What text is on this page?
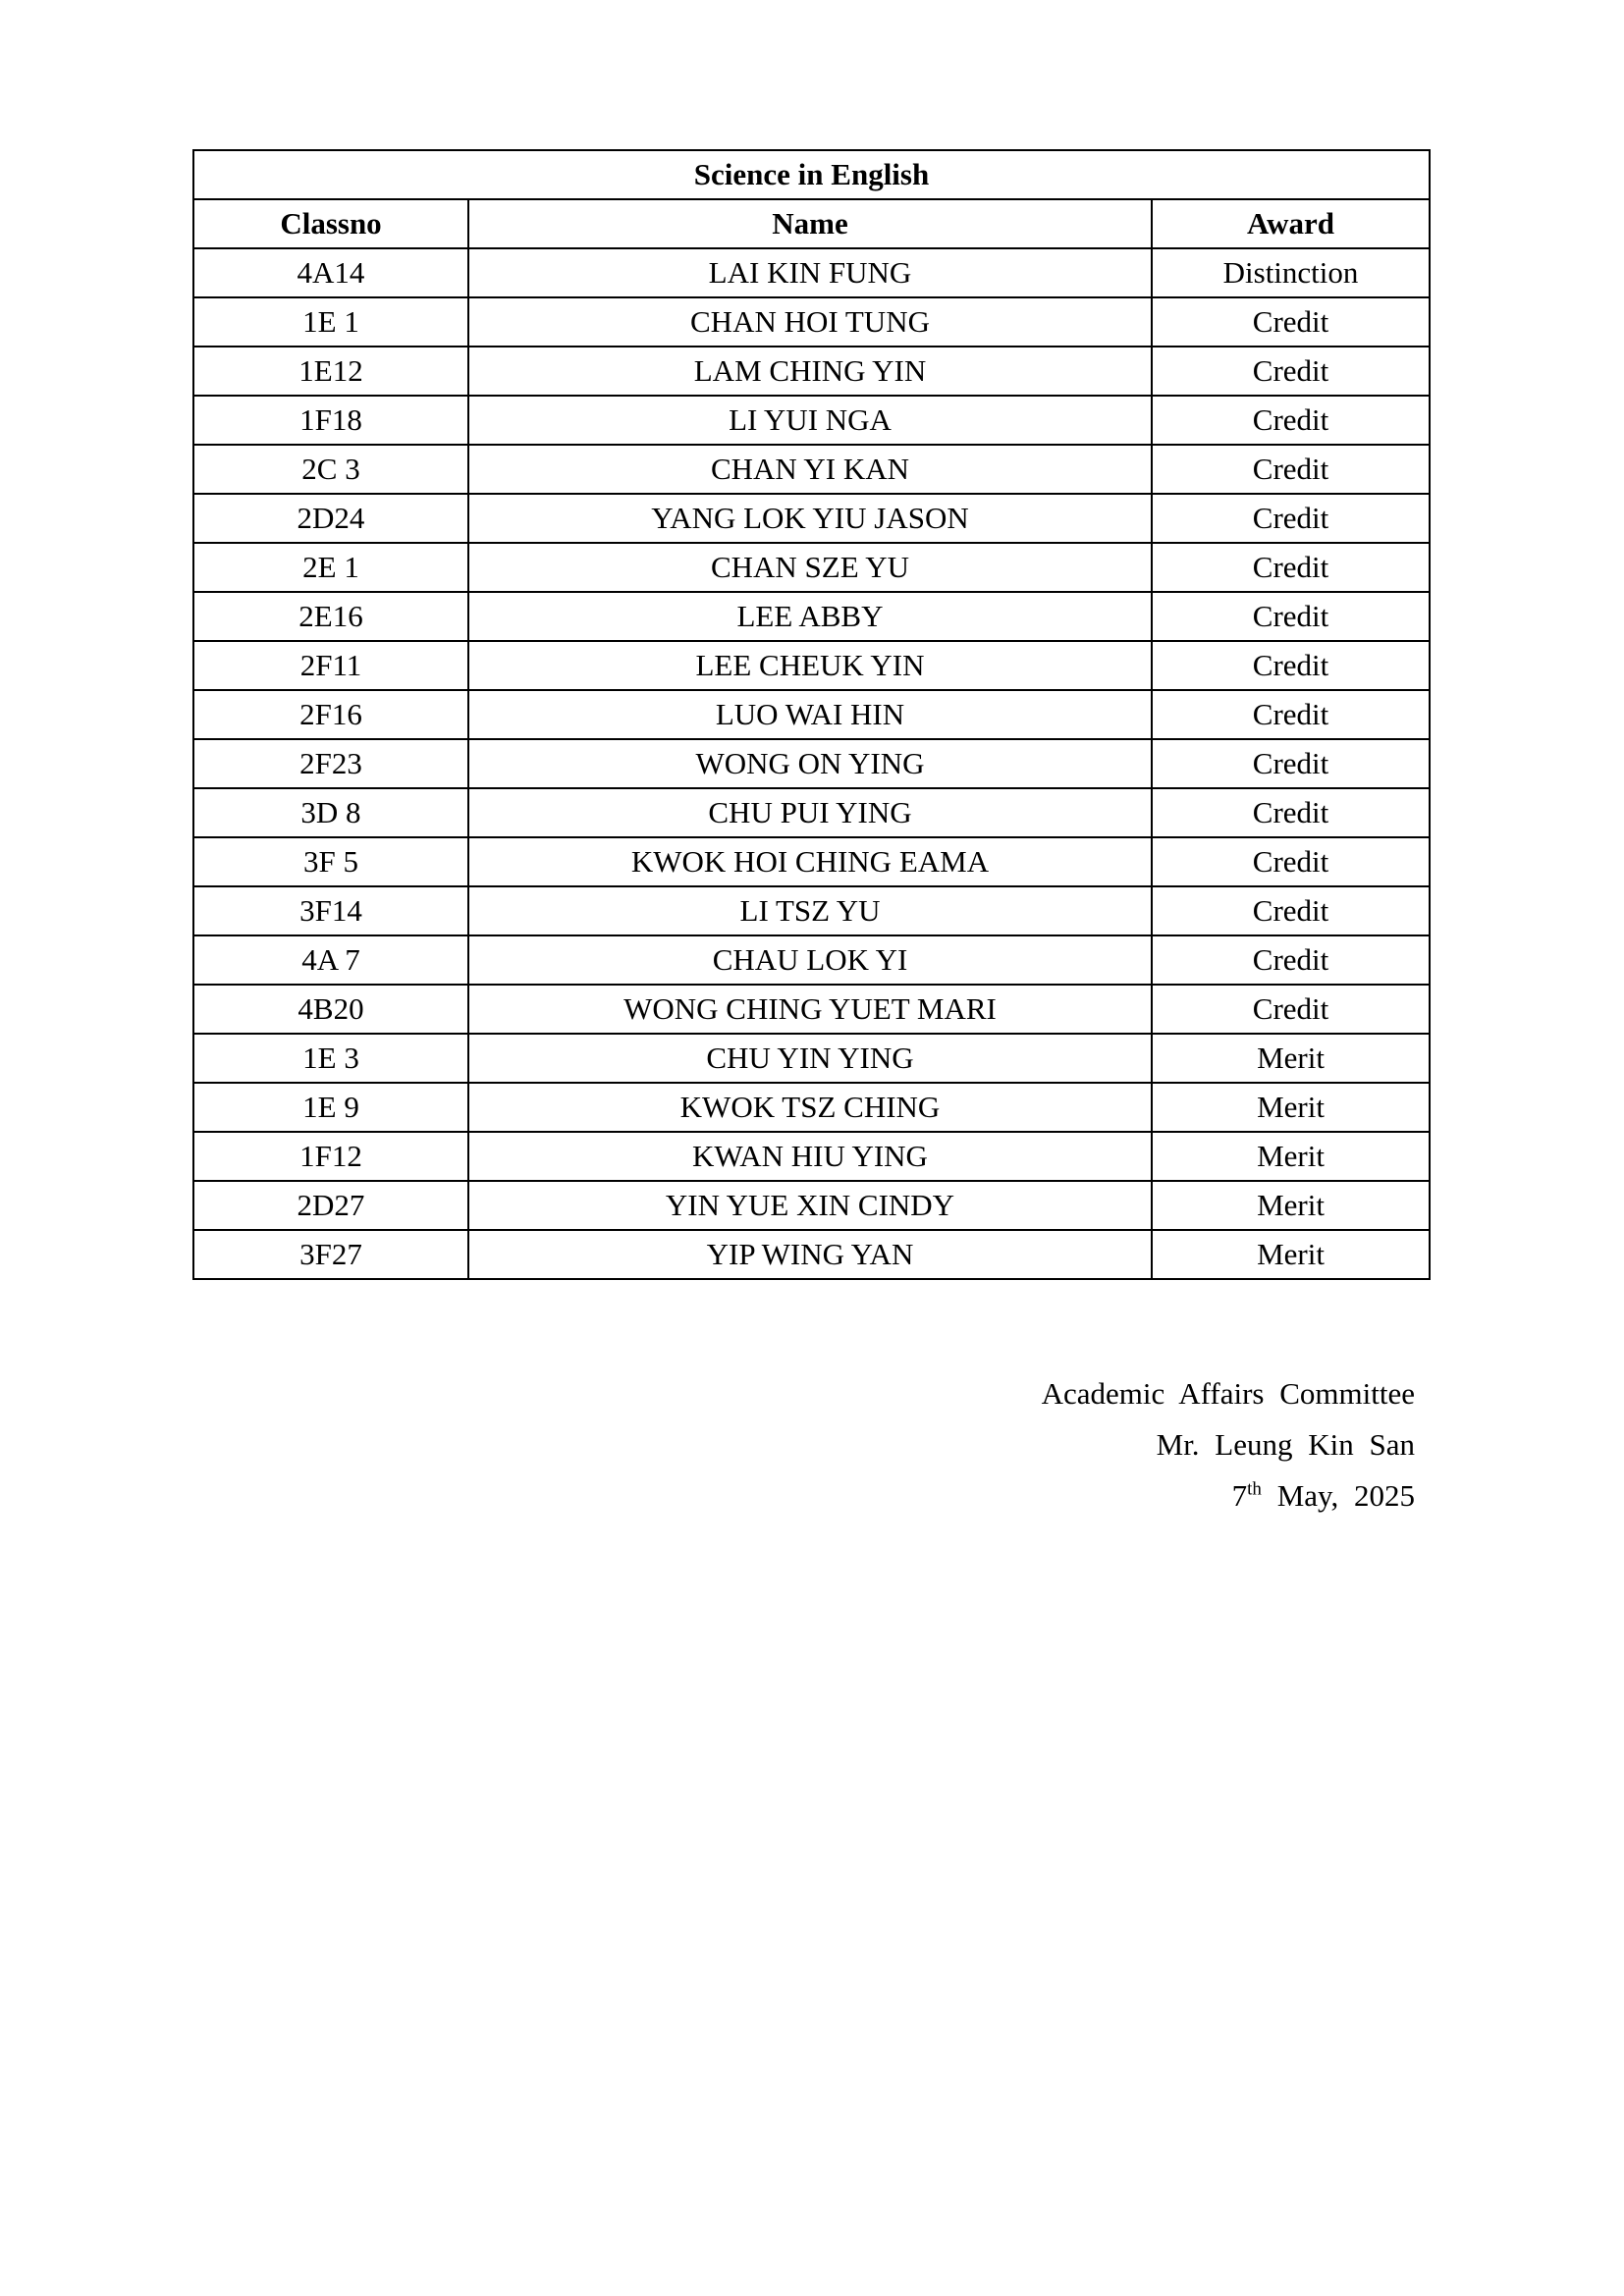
Science in English		
Classno	Name	Award
4A14	LAI KIN FUNG	Distinction
1E 1	CHAN HOI TUNG	Credit
1E12	LAM CHING YIN	Credit
1F18	LI YUI NGA	Credit
2C 3	CHAN YI KAN	Credit
2D24	YANG LOK YIU JASON	Credit
2E 1	CHAN SZE YU	Credit
2E16	LEE ABBY	Credit
2F11	LEE CHEUK YIN	Credit
2F16	LUO WAI HIN	Credit
2F23	WONG ON YING	Credit
3D 8	CHU PUI YING	Credit
3F 5	KWOK HOI CHING EAMA	Credit
3F14	LI TSZ YU	Credit
4A 7	CHAU LOK YI	Credit
4B20	WONG CHING YUET MARI	Credit
1E 3	CHU YIN YING	Merit
1E 9	KWOK TSZ CHING	Merit
1F12	KWAN HIU YING	Merit
2D27	YIN YUE XIN CINDY	Merit
3F27	YIP WING YAN	Merit
Academic Affairs Committee
Mr. Leung Kin San
7th May, 2025
